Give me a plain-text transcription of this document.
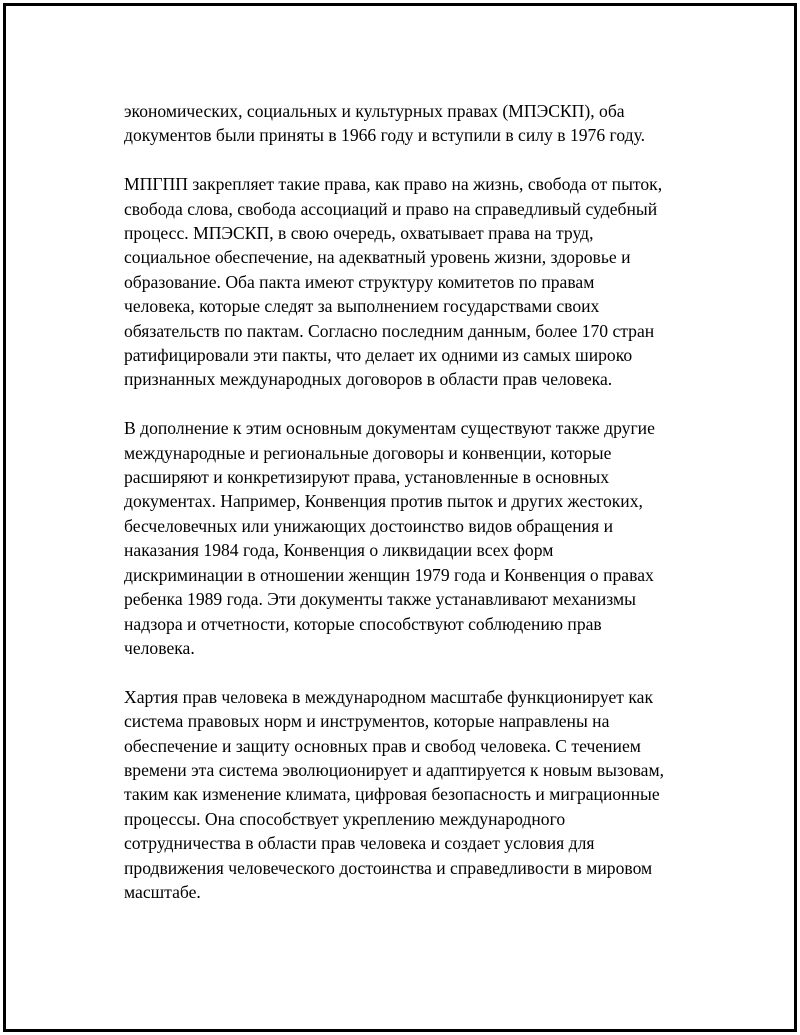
экономических, социальных и культурных правах (МПЭСКП), оба
документов были приняты в 1966 году и вступили в силу в 1976 году.

МПГПП закрепляет такие права, как право на жизнь, свобода от пыток,
свобода слова, свобода ассоциаций и право на справедливый судебный
процесс. МПЭСКП, в свою очередь, охватывает права на труд,
социальное обеспечение, на адекватный уровень жизни, здоровье и
образование. Оба пакта имеют структуру комитетов по правам
человека, которые следят за выполнением государствами своих
обязательств по пактам. Согласно последним данным, более 170 стран
ратифицировали эти пакты, что делает их одними из самых широко
признанных международных договоров в области прав человека.

В дополнение к этим основным документам существуют также другие
международные и региональные договоры и конвенции, которые
расширяют и конкретизируют права, установленные в основных
документах. Например, Конвенция против пыток и других жестоких,
бесчеловечных или унижающих достоинство видов обращения и
наказания 1984 года, Конвенция о ликвидации всех форм
дискриминации в отношении женщин 1979 года и Конвенция о правах
ребенка 1989 года. Эти документы также устанавливают механизмы
надзора и отчетности, которые способствуют соблюдению прав
человека.

Хартия прав человека в международном масштабе функционирует как
система правовых норм и инструментов, которые направлены на
обеспечение и защиту основных прав и свобод человека. С течением
времени эта система эволюционирует и адаптируется к новым вызовам,
таким как изменение климата, цифровая безопасность и миграционные
процессы. Она способствует укреплению международного
сотрудничества в области прав человека и создает условия для
продвижения человеческого достоинства и справедливости в мировом
масштабе.
